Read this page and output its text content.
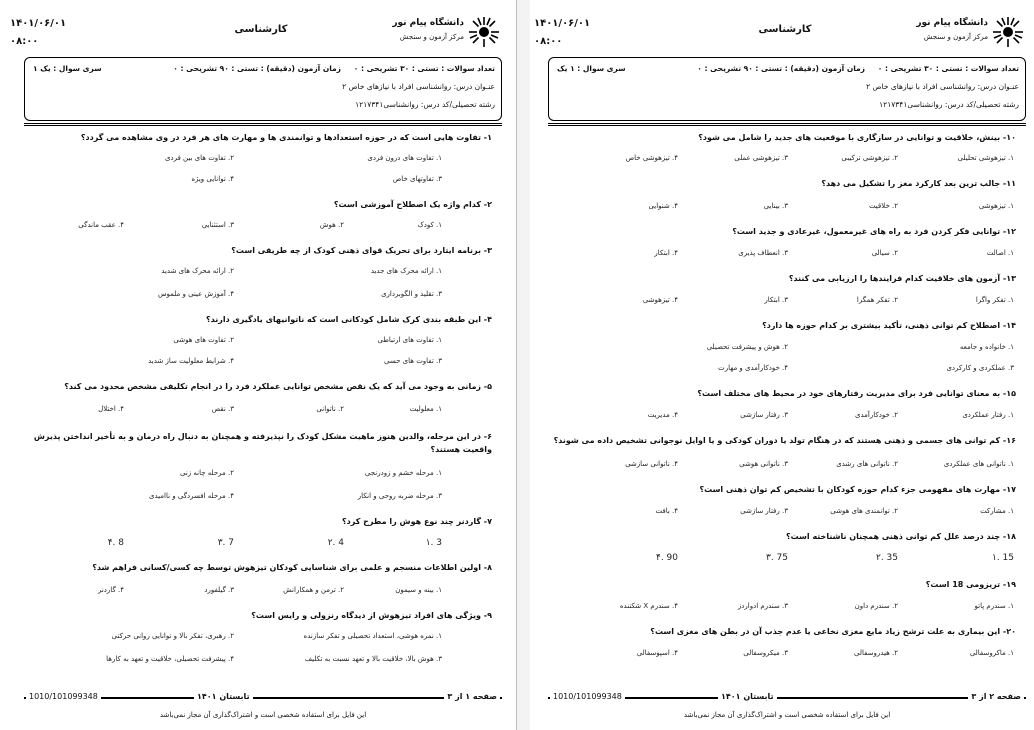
۱۴۰۱/۰۶/۰۱
۰۸:۰۰
کارشناسی
دانشگاه پیام نور
مرکز آزمون و سنجش
تعداد سوالات : تستی : ۳۰ تشریحی : ۰
زمان آزمون (دقیقه) : تستی : ۹۰ تشریحی : ۰
سری سوال : یک ۱
عنـوان درس: روانشناسی افراد با نیازهای خاص ۲
رشته تحصیلی/کد درس: روانشناسی۱۲۱۷۳۴۱
۱- تفاوت هایی است که در حوزه استعدادها و توانمندی ها و مهارت های هر فرد در وی مشاهده می گردد؟
۱. تفاوت های درون فردی
۲. تفاوت های بین فردی
۳. تفاوتهای خاص
۴. توانایی ویژه
۲- کدام واژه یک اصطلاح آموزشی است؟
۱. کودک
۲. هوش
۳. استثنایی
۴. عقب ماندگی
۳- برنامه ایتارد برای تحریک قوای ذهنی کودک از چه طریقی است؟
۱. ارائه محرک های جدید
۲. ارائه محرک های شدید
۳. تقلید و الگوبرداری
۴. آموزش عینی و ملموس
۴- این طبقه بندی کرک شامل کودکانی است که ناتوانیهای یادگیری دارند؟
۱. تفاوت های ارتباطی
۲. تفاوت های هوشی
۳. تفاوت های حسی
۴. شرایط معلولیت ساز شدید
۵- زمانی به وجود می آید که یک نقص مشخص توانایی عملکرد فرد را در انجام تکلیفی مشخص محدود می کند؟
۱. معلولیت
۲. ناتوانی
۳. نقص
۴. اختلال
۶- در این مرحله، والدین هنوز ماهیت مشکل کودک را نپذیرفته و همچنان به دنبال راه درمان و به تأخیر انداختن پذیرش واقعیت هستند؟
۱. مرحله خشم و زودرنجی
۲. مرحله چانه زنی
۳. مرحله ضربه روحی و انکار
۴. مرحله افسردگی و ناامیدی
۷- گاردنر چند نوع هوش را مطرح کرد؟
3 .۱
4 .۲
7 .۳
8 .۴
۸- اولین اطلاعات منسجم و علمی برای شناسایی کودکان تیزهوش توسط چه کسی/کسانی فراهم شد؟
۱. بینه و سیمون
۲. ترمن و همکارانش
۳. گیلفورد
۴. گاردنر
۹- ویژگی های افراد تیزهوش از دیدگاه رنزولی و رایس است؟
۱. نمره هوشی، استعداد تحصیلی و تفکر سازنده
۲. رهبری، تفکر بالا و توانایی روانی حرکتی
۳. هوش بالا، خلاقیت بالا و تعهد نسبت به تکلیف
۴. پیشرفت تحصیلی، خلاقیت و تعهد به کارها
1010/101099348	تابستان ۱۴۰۱	صفحه ۱ از ۳
این فایل برای استفاده شخصی است و اشتراک‌گذاری آن مجاز نمی‌باشد
۱۴۰۱/۰۶/۰۱
۰۸:۰۰
کارشناسی
دانشگاه پیام نور
مرکز آزمون و سنجش
تعداد سوالات : تستی : ۳۰ تشریحی : ۰
زمان آزمون (دقیقه) : تستی : ۹۰ تشریحی : ۰
سری سوال : ۱ یک
عنـوان درس: روانشناسی افراد با نیازهای خاص ۲
رشته تحصیلی/کد درس: روانشناسی۱۲۱۷۳۴۱
۱۰- بینش، خلاقیت و توانایی در سازگاری با موقعیت های جدید را شامل می شود؟
۱. تیزهوشی تحلیلی
۲. تیزهوشی ترکیبی
۳. تیزهوشی عملی
۴. تیزهوشی خاص
۱۱- جالب ترین بعد کارکرد مغز را تشکیل می دهد؟
۱. تیزهوشی
۲. خلاقیت
۳. بینایی
۴. شنوایی
۱۲- توانایی فکر کردن فرد به راه های غیرمعمول، غیرعادی و جدید است؟
۱. اصالت
۲. سیالی
۳. انعطاف پذیری
۴. ابتکار
۱۳- آزمون های خلاقیت کدام فرایندها را ارزیابی می کنند؟
۱. تفکر واگرا
۲. تفکر همگرا
۳. ابتکار
۴. تیزهوشی
۱۴- اصطلاح کم توانی ذهنی، تأکید بیشتری بر کدام حوزه ها دارد؟
۱. خانواده و جامعه
۲. هوش و پیشرفت تحصیلی
۳. عملکردی و کارکردی
۴. خودکارآمدی و مهارت
۱۵- به معنای توانایی فرد برای مدیریت رفتارهای خود در محیط های مختلف است؟
۱. رفتار عملکردی
۲. خودکارآمدی
۳. رفتار سازشی
۴. مدیریت
۱۶- کم توانی های جسمی و ذهنی هستند که در هنگام تولد یا دوران کودکی و یا اوایل نوجوانی تشخیص داده می شوند؟
۱. ناتوانی های عملکردی
۲. ناتوانی های رشدی
۳. ناتوانی هوشی
۴. ناتوانی سازشی
۱۷- مهارت های مفهومی جزء کدام حوزه کودکان با تشخیص کم توان ذهنی است؟
۱. مشارکت
۲. توانمندی های هوشی
۳. رفتار سازشی
۴. بافت
۱۸- چند درصد علل کم توانی ذهنی همچنان ناشناخته است؟
15 .۱
35 .۲
75 .۳
90 .۴
۱۹- تریزومی 18 است؟
۱. سندرم پاتو
۲. سندرم داون
۳. سندرم ادواردز
۴. سندرم X شکننده
۲۰- این بیماری به علت ترشح زیاد مایع مغزی نخاعی یا عدم جذب آن در بطن های مغزی است؟
۱. ماکروسفالی
۲. هیدروسفالی
۳. میکروسفالی
۴. اسپوسفالی
1010/101099348	تابستان ۱۴۰۱	صفحه ۲ از ۳
این فایل برای استفاده شخصی است و اشتراک‌گذاری آن مجاز نمی‌باشد
